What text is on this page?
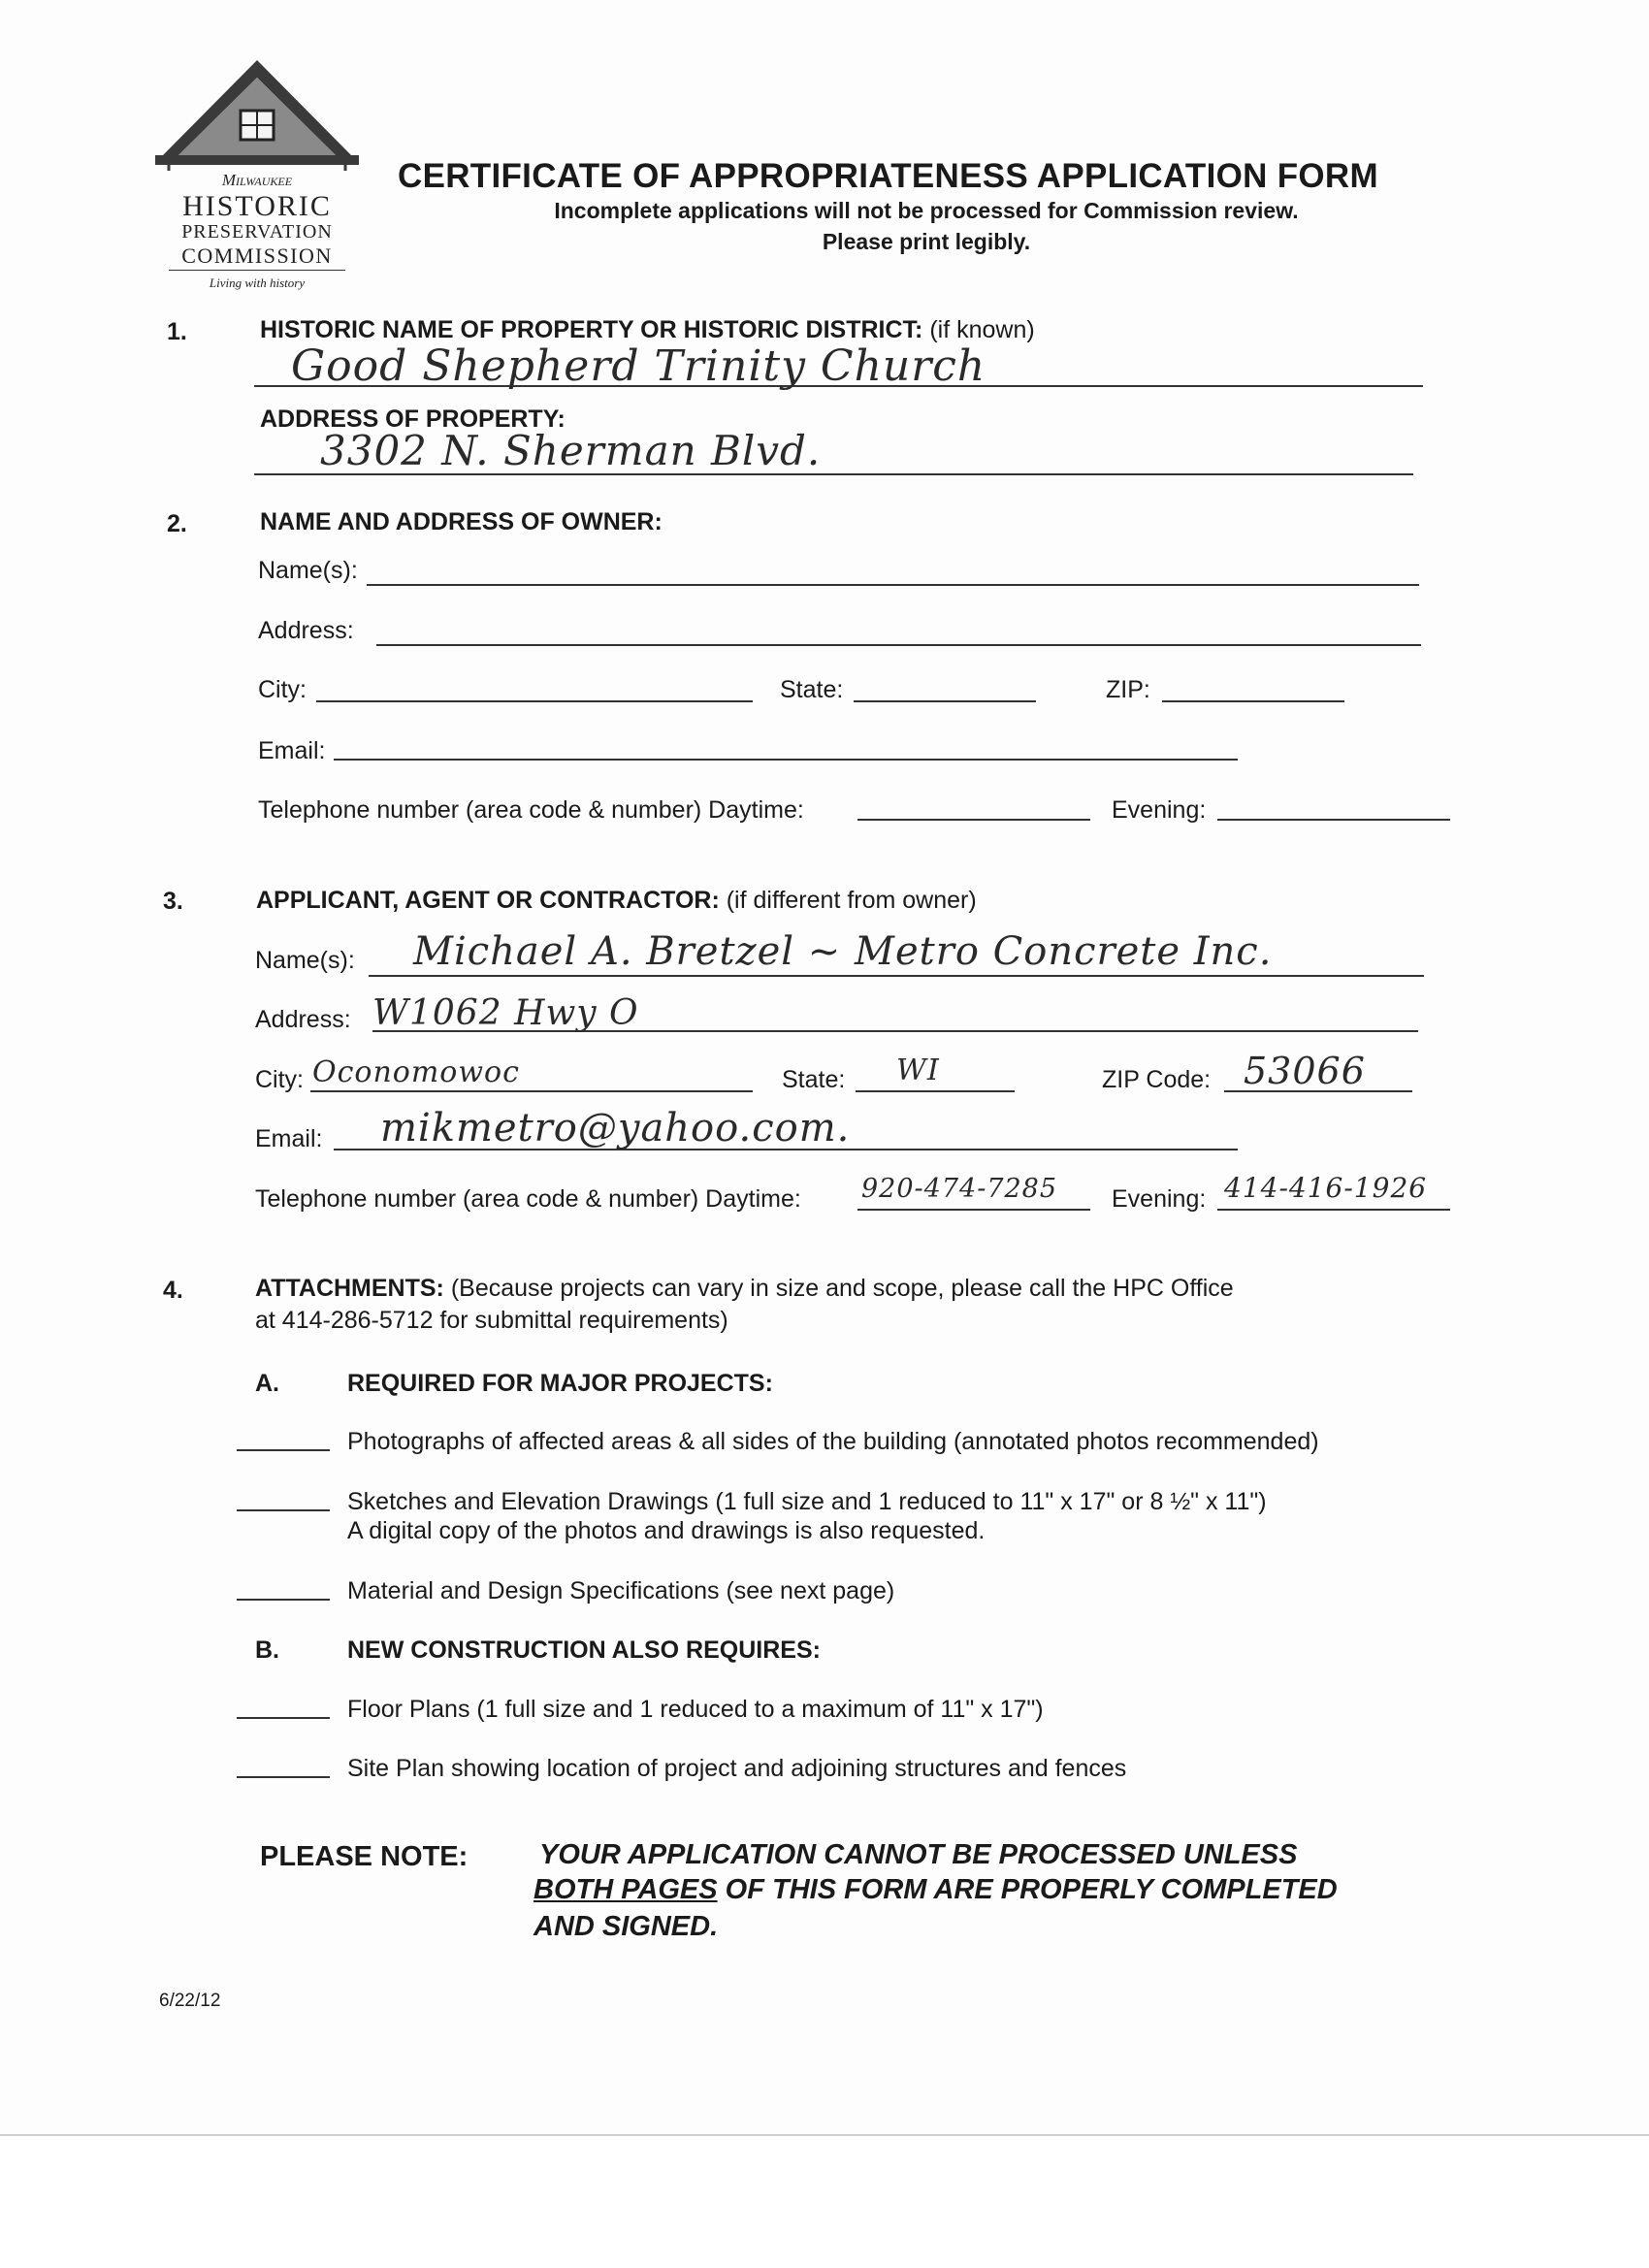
Milwaukee
HISTORIC
PRESERVATION
COMMISSION
Living with history
CERTIFICATE OF APPROPRIATENESS APPLICATION FORM
Incomplete applications will not be processed for Commission review.
Please print legibly.
1.	HISTORIC NAME OF PROPERTY OR HISTORIC DISTRICT: (if known)
Good Shepherd Trinity Church
ADDRESS OF PROPERTY:
3302 N. Sherman Blvd.
2.	NAME AND ADDRESS OF OWNER:
Name(s):
Address:
City:	State:	ZIP:
Email:
Telephone number (area code & number) Daytime:	Evening:
3.	APPLICANT, AGENT OR CONTRACTOR: (if different from owner)
Name(s): Michael A. Bretzel ~ Metro Concrete Inc.
Address: W1062 Hwy O
City: Oconomowoc	State: WI	ZIP Code: 53066
Email: mikmetro@yahoo.com.
Telephone number (area code & number) Daytime: 920-474-7285 Evening: 414-416-1926
4.	ATTACHMENTS: (Because projects can vary in size and scope, please call the HPC Office
at 414-286-5712 for submittal requirements)
A.	REQUIRED FOR MAJOR PROJECTS:
Photographs of affected areas & all sides of the building (annotated photos recommended)
Sketches and Elevation Drawings (1 full size and 1 reduced to 11" x 17" or 8 ½" x 11")
A digital copy of the photos and drawings is also requested.
Material and Design Specifications (see next page)
B.	NEW CONSTRUCTION ALSO REQUIRES:
Floor Plans (1 full size and 1 reduced to a maximum of 11" x 17")
Site Plan showing location of project and adjoining structures and fences
PLEASE NOTE:	YOUR APPLICATION CANNOT BE PROCESSED UNLESS
BOTH PAGES OF THIS FORM ARE PROPERLY COMPLETED
AND SIGNED.
6/22/12
